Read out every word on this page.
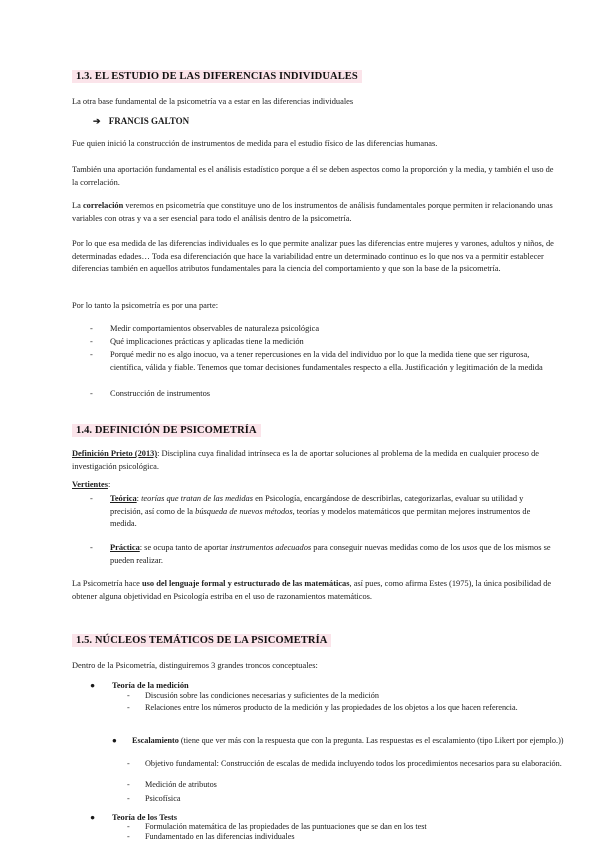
1.3. EL ESTUDIO DE LAS DIFERENCIAS INDIVIDUALES
La otra base fundamental de la psicometría va a estar en las diferencias individuales
➔ FRANCIS GALTON
Fue quien inició la construcción de instrumentos de medida para el estudio físico de las diferencias humanas.
También una aportación fundamental es el análisis estadístico porque a él se deben aspectos como la proporción y la media, y también el uso de la correlación.
La correlación veremos en psicometría que constituye uno de los instrumentos de análisis fundamentales porque permiten ir relacionando unas variables con otras y va a ser esencial para todo el análisis dentro de la psicometría.
Por lo que esa medida de las diferencias individuales es lo que permite analizar pues las diferencias entre mujeres y varones, adultos y niños, de determinadas edades… Toda esa diferenciación que hace la variabilidad entre un determinado continuo es lo que nos va a permitir establecer diferencias también en aquellos atributos fundamentales para la ciencia del comportamiento y que son la base de la psicometría.
Por lo tanto la psicometría es por una parte:
-	Medir comportamientos observables de naturaleza psicológica
-	Qué implicaciones prácticas y aplicadas tiene la medición
-	Porqué medir no es algo inocuo, va a tener repercusiones en la vida del individuo por lo que la medida tiene que ser rigurosa, científica, válida y fiable. Tenemos que tomar decisiones fundamentales respecto a ella. Justificación y legitimación de la medida
-	Construcción de instrumentos
1.4. DEFINICIÓN DE PSICOMETRÍA
Definición Prieto (2013): Disciplina cuya finalidad intrínseca es la de aportar soluciones al problema de la medida en cualquier proceso de investigación psicológica.
Vertientes:
-	Teórica: teorías que tratan de las medidas en Psicología, encargándose de describirlas, categorizarlas, evaluar su utilidad y precisión, así como de la búsqueda de nuevos métodos, teorías y modelos matemáticos que permitan mejores instrumentos de medida.
-	Práctica: se ocupa tanto de aportar instrumentos adecuados para conseguir nuevas medidas como de los usos que de los mismos se pueden realizar.
La Psicometría hace uso del lenguaje formal y estructurado de las matemáticas, así pues, como afirma Estes (1975), la única posibilidad de obtener alguna objetividad en Psicología estriba en el uso de razonamientos matemáticos.
1.5. NÚCLEOS TEMÁTICOS DE LA PSICOMETRÍA
Dentro de la Psicometría, distinguiremos 3 grandes troncos conceptuales:
● Teoría de la medición
- Discusión sobre las condiciones necesarias y suficientes de la medición
- Relaciones entre los números producto de la medición y las propiedades de los objetos a los que hacen referencia.
● Escalamiento (tiene que ver más con la respuesta que con la pregunta. Las respuestas es el escalamiento (tipo Likert por ejemplo.))
- Objetivo fundamental: Construcción de escalas de medida incluyendo todos los procedimientos necesarios para su elaboración.
- Medición de atributos
- Psicofísica
● Teoría de los Tests
- Formulación matemática de las propiedades de las puntuaciones que se dan en los test
- Fundamentado en las diferencias individuales
